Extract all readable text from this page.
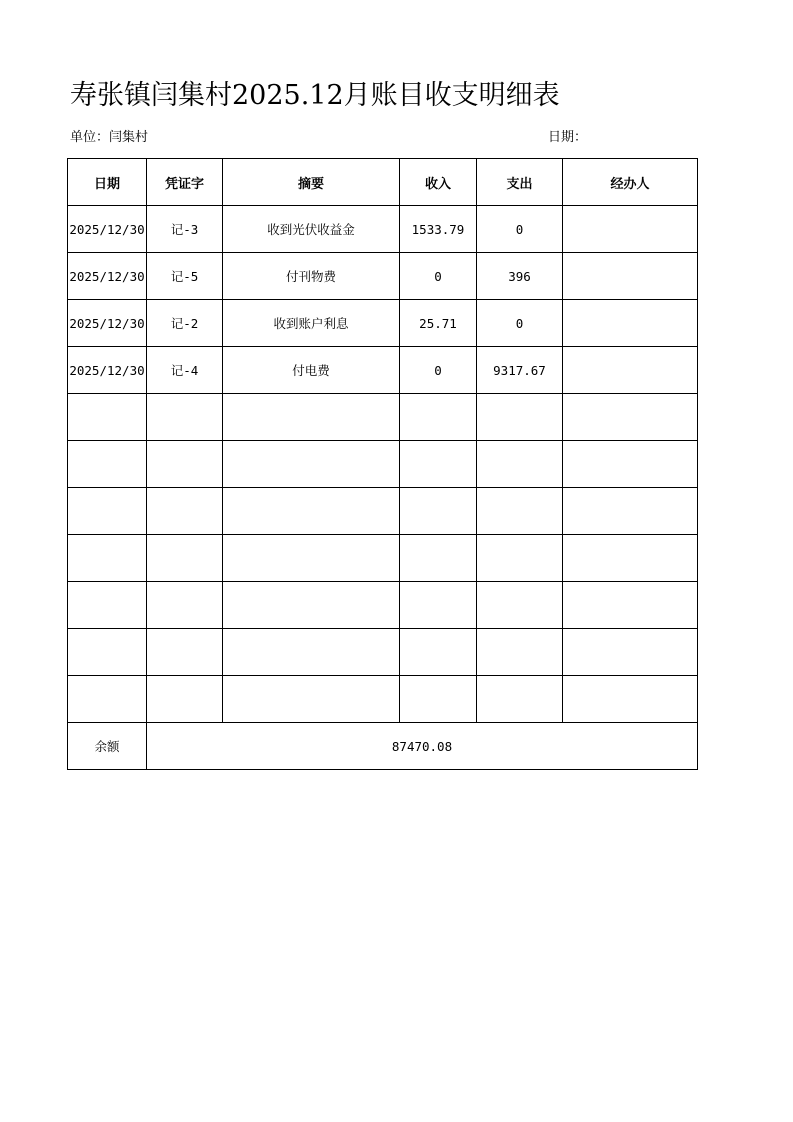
寿张镇闫集村2025.12月账目收支明细表
单位：闫集村	日期：
日期	凭证字	摘要	收入	支出	经办人
2025/12/30	记-3	收到光伏收益金	1533.79	0	
2025/12/30	记-5	付刊物费	0	396	
2025/12/30	记-2	收到账户利息	25.71	0	
2025/12/30	记-4	付电费	0	9317.67	

余额	87470.08				
